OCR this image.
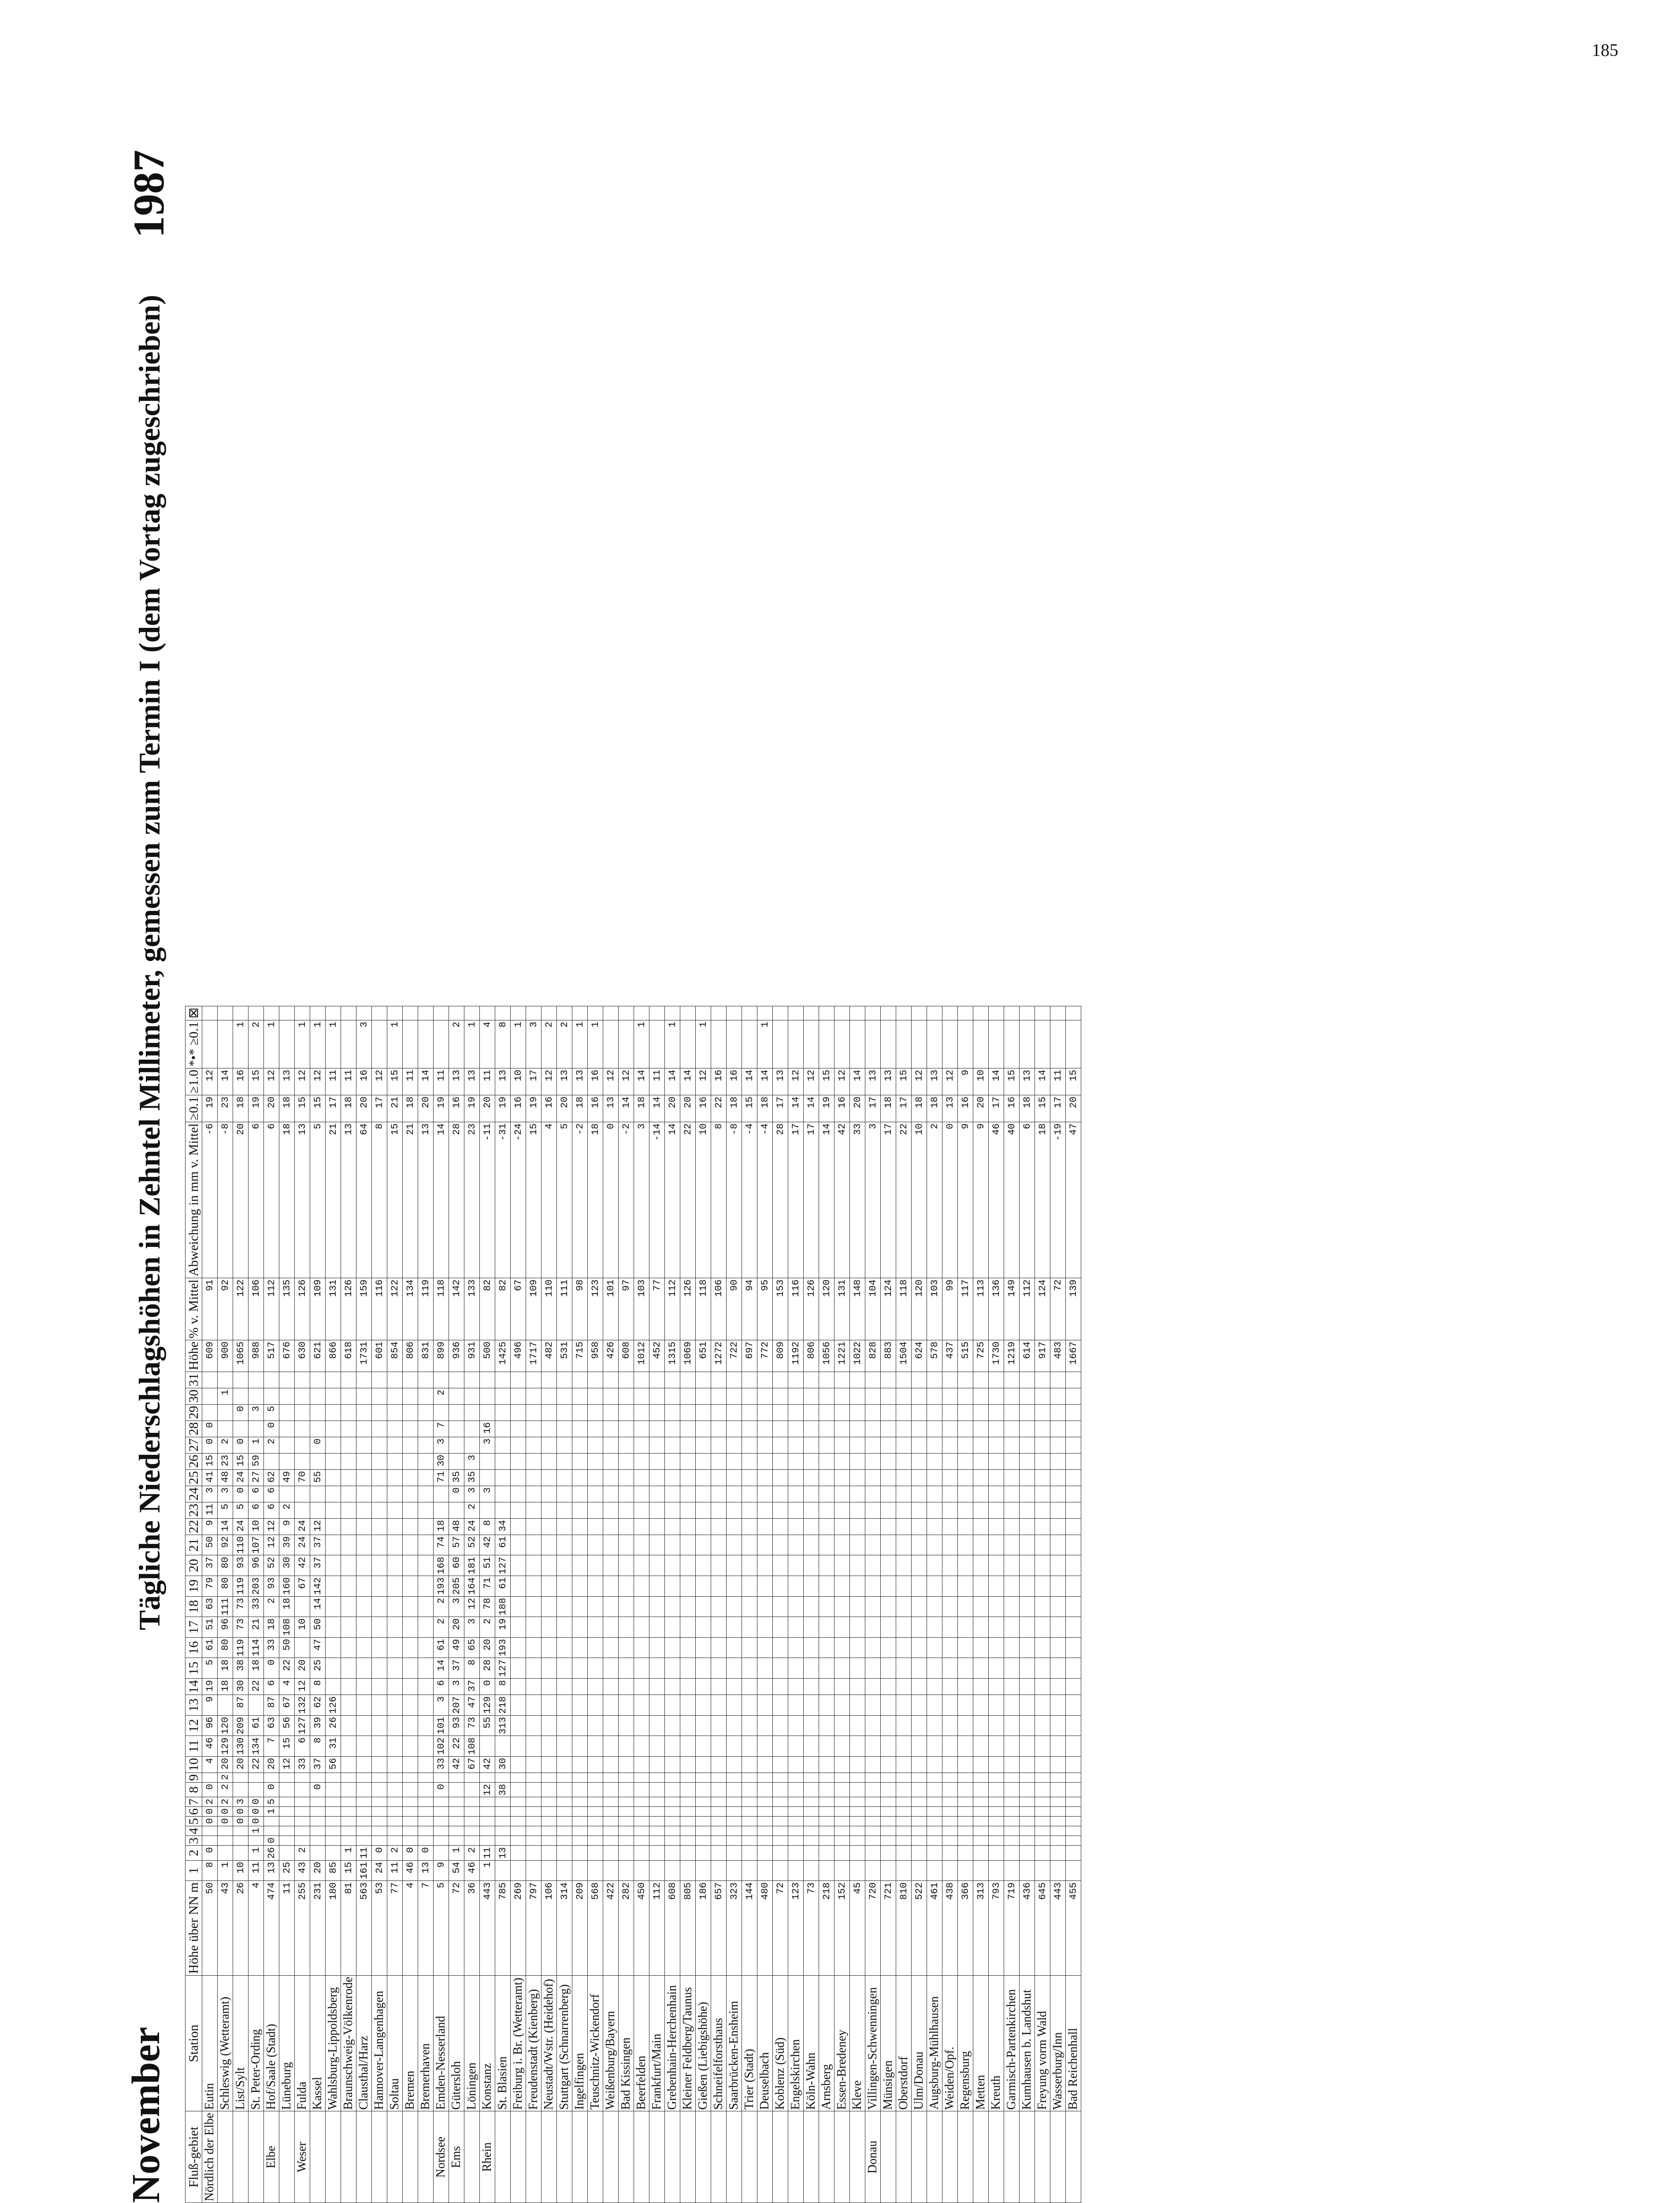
185
November
Tägliche Niederschlagshöhen in Zehntel Millimeter, gemessen zum Termin I (dem Vortag zugeschrieben)
1987
Fluß-gebiet	Station	Höhe über NN m	1	2	3	4	5	6	7	8	9	10	11	12	13	14	15	16	17	18	19	20	21	22	23	24	25	26	27	28	29	30	31	Höhe	% v. Mittel	Abweichung in mm v. Mittel	≥0.1	≥1.0	*•* ≥0.1	⊠
Nördlich der Elbe	Eutin	50	8	0			0	0	2	0		4	46	96	9	19	5	61	51	63	79	37	50	9	11	3	41	15	0	0				609	91	-6	19	12		
	Schleswig (Wetteramt)	43	1				0	0	2	2	2	20	129	120		18	18	80	96	111	80	80	92	14	5	3	48	23	2			1		900	92	-8	23	14		
	List/Sylt	26	10				0	0	3			20	130	209	87	30	38	119	73	73	119	93	110	24	5	0	24	15	0		0			1065	122	20	18	16	1	
	St. Peter-Ording	4	11	1		1	0	0	0			22	134	61		22	18	114	21	33	203	96	107	10	6	6	27	59	1		3			988	106	6	19	15	2	
Elbe	Hof/Saale (Stadt)	474	13	26	0			1	5	0		20	7	63	87	6	0	33	18	2	93	52	12	12	6	6	62		2	0	5			517	112	6	20	12	1	
	Lüneburg	11	25									12	15	56	67	4	22	50	108	18	160	30	39	9	2		49							676	135	18	18	13		
Weser	Fulda	255	43	2								33	6	127	132	12	20		10		67	42	24	24			70							630	126	13	15	12	1	
	Kassel	231	20							0		37	8	39	62	8	25	47	50	14	142	37	37	12			55		0					621	109	5	15	12	1	
	Wahlsburg-Lippoldsberg	180	85									56	31	26	126																			866	131	21	17	11	1	
	Braunschweig-Völkenrode	81	15	1																														618	126	13	18	11		
	Clausthal/Harz	563	161	11																														1731	159	64	20	16	3	
	Hannover-Langenhagen	53	24	0																														601	116	8	17	12		
	Soltau	77	11	2																														854	122	15	21	15	1	
	Bremen	4	46	0																														806	134	21	18	11		
	Bremerhaven	7	13	0																														831	119	13	20	14		
Nordsee	Emden-Nesserland	5	9							0		33	102	101	3	6	14	61	2	2	193	168	74	18			71	30	3	7		2		899	118	14	19	11		
Ems	Gütersloh	72	54	1								42	22	93	207	3	37	49	20	3	205	60	57	48		0	35							936	142	28	16	13	2	
	Löningen	36	46	2								67	108	73	47	37	8	65	3	12	164	181	52	24	2	3	35	3						931	133	23	19	13	1	
Rhein	Konstanz	443	1	11						12		42		55	129	0	28	20	2	78	71	51	42	8		3			3	16				500	82	-11	20	11	4	
	St. Blasien	785		13						38		30		313	218	8	127	193	19	188	61	127	61	34										1425	82	-31	19	13	8	
	Freiburg i. Br. (Wetteramt)	269																																496	67	-24	16	10	1	
	Freudenstadt (Kienberg)	797																																1717	109	15	19	17	3	
	Neustadt/Wstr. (Heidehof)	106																																482	110	4	16	12	2	
	Stuttgart (Schnarrenberg)	314																																531	111	5	20	13	2	
	Ingelfingen	209																																715	98	-2	18	13	1	
	Teuschnitz-Wickendorf	568																																958	123	18	16	16	1	
	Weißenburg/Bayern	422																																426	101	0	13	12		
	Bad Kissingen	282																																608	97	-2	14	12		
	Beerfelden	450																																1012	103	3	18	14	1	
	Frankfurt/Main	112																																452	77	-14	14	11		
	Grebenhain-Herchenhain	608																																1315	112	14	20	14	1	
	Kleiner Feldberg/Taunus	805																																1069	126	22	20	14		
	Gießen (Liebigshöhe)	186																																651	118	10	16	12	1	
	Schneifelforsthaus	657																																1272	106	8	22	16		
	Saarbrücken-Ensheim	323																																722	90	-8	18	16		
	Trier (Stadt)	144																																697	94	-4	15	14		
	Deuselbach	480																																772	95	-4	18	14	1	
	Koblenz (Süd)	72																																809	153	28	17	13		
	Engelskirchen	123																																1192	116	17	14	12		
	Köln-Wahn	73																																806	126	17	14	12		
	Arnsberg	218																																1056	120	14	19	15		
	Essen-Bredeney	152																																1221	131	42	16	12		
	Kleve	45																																1022	148	33	20	14		
Donau	Villingen-Schwenningen	720																																828	104	3	17	13		
	Münsigen	721																																883	124	17	18	13		
	Oberstdorf	810																																1504	118	22	17	15		
	Ulm/Donau	522																																624	120	10	18	12		
	Augsburg-Mühlhausen	461																																578	103	2	18	13		
	Weiden/Opf.	438																																437	99	0	13	12		
	Regensburg	366																																515	117	9	16	9		
	Metten	313																																725	113	9	20	10		
	Kreuth	793																																1730	136	46	17	14		
	Garmisch-Partenkirchen	719																																1219	149	40	16	15		
	Kumhausen b. Landshut	436																																614	112	6	18	13		
	Freyung vorm Wald	645																																917	124	18	15	14		
	Wasserburg/Inn	443																																483	72	-19	17	11		
	Bad Reichenhall	455																																1667	139	47	20	15		
